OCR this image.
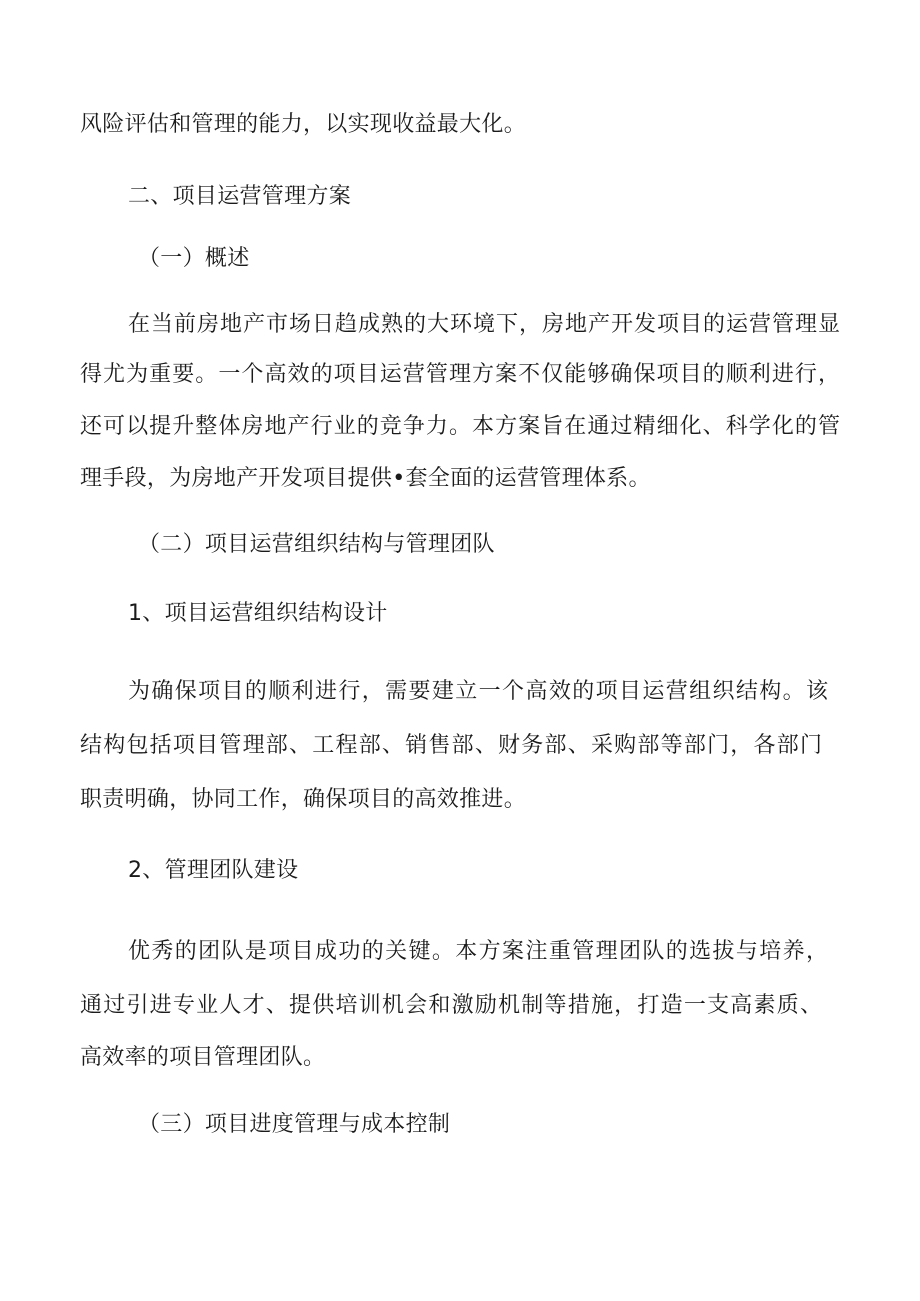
风险评估和管理的能力，以实现收益最大化。
二、项目运营管理方案
（一）概述
在当前房地产市场日趋成熟的大环境下，房地产开发项目的运营管理显
得尤为重要。一个高效的项目运营管理方案不仅能够确保项目的顺利进行，
还可以提升整体房地产行业的竞争力。本方案旨在通过精细化、科学化的管
理手段，为房地产开发项目提供•套全面的运营管理体系。
（二）项目运营组织结构与管理团队
1、项目运营组织结构设计
为确保项目的顺利进行，需要建立一个高效的项目运营组织结构。该
结构包括项目管理部、工程部、销售部、财务部、采购部等部门，各部门
职责明确，协同工作，确保项目的高效推进。
2、管理团队建设
优秀的团队是项目成功的关键。本方案注重管理团队的选拔与培养，
通过引进专业人才、提供培训机会和激励机制等措施，打造一支高素质、
高效率的项目管理团队。
（三）项目进度管理与成本控制
